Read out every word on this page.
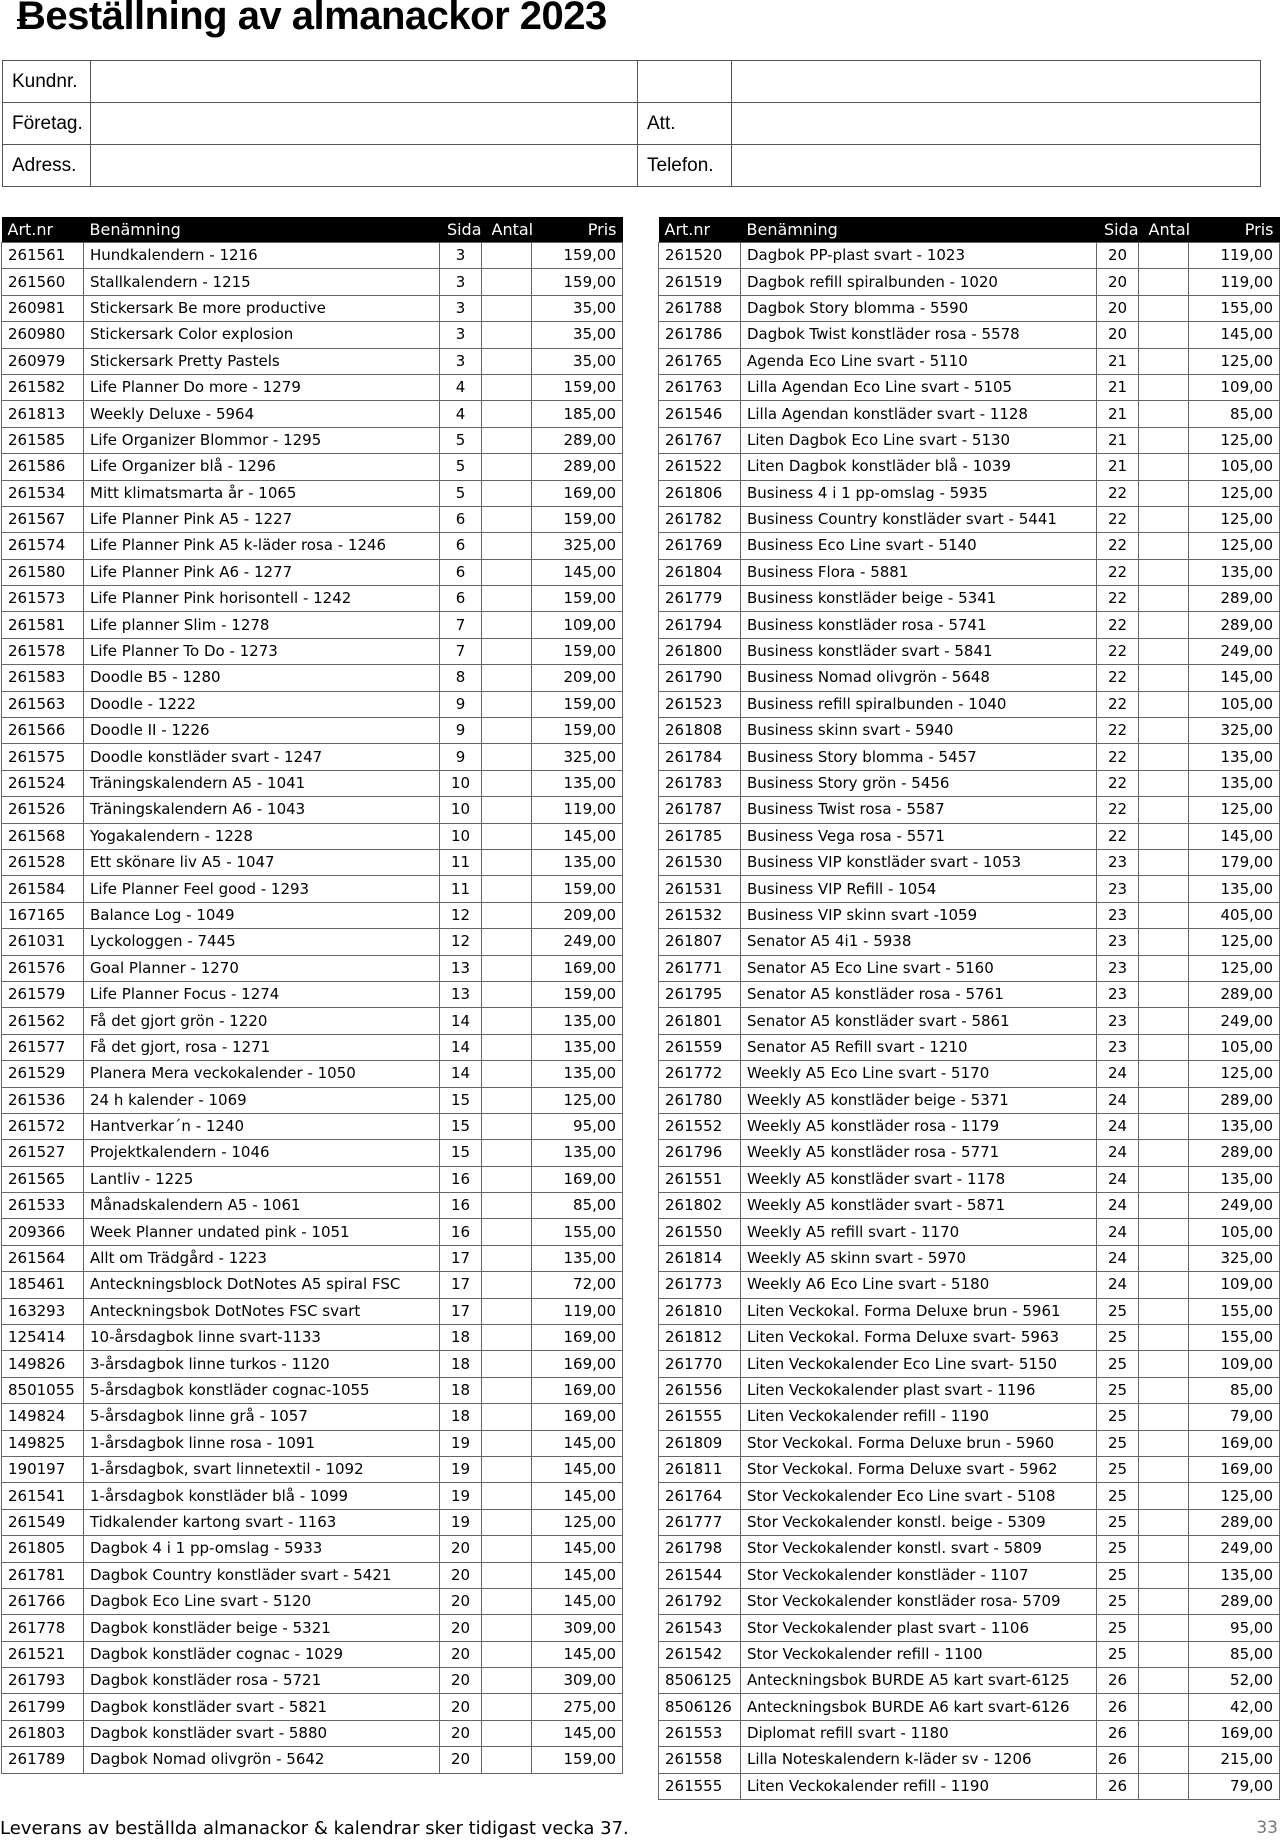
Beställning av almanackor 2023
Kundnr.			
Företag.		Att.	
Adress.		Telefon.	
Art.nr	Benämning	Sida	Antal	Pris
261561	Hundkalendern - 1216	3		159,00
261560	Stallkalendern - 1215	3		159,00
260981	Stickersark Be more productive	3		35,00
260980	Stickersark Color explosion	3		35,00
260979	Stickersark Pretty Pastels	3		35,00
261582	Life Planner Do more - 1279	4		159,00
261813	Weekly Deluxe - 5964	4		185,00
261585	Life Organizer Blommor - 1295	5		289,00
261586	Life Organizer blå - 1296	5		289,00
261534	Mitt klimatsmarta år - 1065	5		169,00
261567	Life Planner Pink A5 - 1227	6		159,00
261574	Life Planner Pink A5 k-läder rosa - 1246	6		325,00
261580	Life Planner Pink A6 - 1277	6		145,00
261573	Life Planner Pink horisontell - 1242	6		159,00
261581	Life planner Slim - 1278	7		109,00
261578	Life Planner To Do - 1273	7		159,00
261583	Doodle B5 - 1280	8		209,00
261563	Doodle - 1222	9		159,00
261566	Doodle II - 1226	9		159,00
261575	Doodle konstläder svart - 1247	9		325,00
261524	Träningskalendern A5 - 1041	10		135,00
261526	Träningskalendern A6 - 1043	10		119,00
261568	Yogakalendern - 1228	10		145,00
261528	Ett skönare liv A5 - 1047	11		135,00
261584	Life Planner Feel good - 1293	11		159,00
167165	Balance Log - 1049	12		209,00
261031	Lyckologgen - 7445	12		249,00
261576	Goal Planner - 1270	13		169,00
261579	Life Planner Focus - 1274	13		159,00
261562	Få det gjort grön - 1220	14		135,00
261577	Få det gjort, rosa - 1271	14		135,00
261529	Planera Mera veckokalender - 1050	14		135,00
261536	24 h kalender - 1069	15		125,00
261572	Hantverkar´n - 1240	15		95,00
261527	Projektkalendern - 1046	15		135,00
261565	Lantliv - 1225	16		169,00
261533	Månadskalendern A5 - 1061	16		85,00
209366	Week Planner undated pink - 1051	16		155,00
261564	Allt om Trädgård - 1223	17		135,00
185461	Anteckningsblock DotNotes A5 spiral FSC	17		72,00
163293	Anteckningsbok DotNotes FSC svart	17		119,00
125414	10-årsdagbok linne svart-1133	18		169,00
149826	3-årsdagbok linne turkos - 1120	18		169,00
8501055	5-årsdagbok konstläder cognac-1055	18		169,00
149824	5-årsdagbok linne grå - 1057	18		169,00
149825	1-årsdagbok linne rosa - 1091	19		145,00
190197	1-årsdagbok, svart linnetextil - 1092	19		145,00
261541	1-årsdagbok konstläder blå - 1099	19		145,00
261549	Tidkalender kartong svart - 1163	19		125,00
261805	Dagbok 4 i 1 pp-omslag - 5933	20		145,00
261781	Dagbok Country konstläder svart - 5421	20		145,00
261766	Dagbok Eco Line svart - 5120	20		145,00
261778	Dagbok konstläder beige - 5321	20		309,00
261521	Dagbok konstläder cognac - 1029	20		145,00
261793	Dagbok konstläder rosa - 5721	20		309,00
261799	Dagbok konstläder svart - 5821	20		275,00
261803	Dagbok konstläder svart - 5880	20		145,00
261789	Dagbok Nomad olivgrön - 5642	20		159,00
Art.nr	Benämning	Sida	Antal	Pris
261520	Dagbok PP-plast svart - 1023	20		119,00
261519	Dagbok refill spiralbunden - 1020	20		119,00
261788	Dagbok Story blomma - 5590	20		155,00
261786	Dagbok Twist konstläder rosa - 5578	20		145,00
261765	Agenda Eco Line svart - 5110	21		125,00
261763	Lilla Agendan Eco Line svart - 5105	21		109,00
261546	Lilla Agendan konstläder svart - 1128	21		85,00
261767	Liten Dagbok Eco Line svart - 5130	21		125,00
261522	Liten Dagbok konstläder blå - 1039	21		105,00
261806	Business 4 i 1 pp-omslag - 5935	22		125,00
261782	Business Country konstläder svart - 5441	22		125,00
261769	Business Eco Line svart - 5140	22		125,00
261804	Business Flora - 5881	22		135,00
261779	Business konstläder beige - 5341	22		289,00
261794	Business konstläder rosa - 5741	22		289,00
261800	Business konstläder svart - 5841	22		249,00
261790	Business Nomad olivgrön - 5648	22		145,00
261523	Business refill spiralbunden - 1040	22		105,00
261808	Business skinn svart - 5940	22		325,00
261784	Business Story blomma - 5457	22		135,00
261783	Business Story grön - 5456	22		135,00
261787	Business Twist rosa - 5587	22		125,00
261785	Business Vega rosa - 5571	22		145,00
261530	Business VIP konstläder svart - 1053	23		179,00
261531	Business VIP Refill - 1054	23		135,00
261532	Business VIP skinn svart -1059	23		405,00
261807	Senator A5 4i1 - 5938	23		125,00
261771	Senator A5 Eco Line svart - 5160	23		125,00
261795	Senator A5 konstläder rosa - 5761	23		289,00
261801	Senator A5 konstläder svart - 5861	23		249,00
261559	Senator A5 Refill svart - 1210	23		105,00
261772	Weekly A5 Eco Line svart - 5170	24		125,00
261780	Weekly A5 konstläder beige - 5371	24		289,00
261552	Weekly A5 konstläder rosa - 1179	24		135,00
261796	Weekly A5 konstläder rosa - 5771	24		289,00
261551	Weekly A5 konstläder svart - 1178	24		135,00
261802	Weekly A5 konstläder svart - 5871	24		249,00
261550	Weekly A5 refill svart - 1170	24		105,00
261814	Weekly A5 skinn svart - 5970	24		325,00
261773	Weekly A6 Eco Line svart - 5180	24		109,00
261810	Liten Veckokal. Forma Deluxe brun - 5961	25		155,00
261812	Liten Veckokal. Forma Deluxe svart- 5963	25		155,00
261770	Liten Veckokalender Eco Line svart- 5150	25		109,00
261556	Liten Veckokalender plast svart - 1196	25		85,00
261555	Liten Veckokalender refill - 1190	25		79,00
261809	Stor Veckokal. Forma Deluxe brun - 5960	25		169,00
261811	Stor Veckokal. Forma Deluxe svart - 5962	25		169,00
261764	Stor Veckokalender Eco Line svart - 5108	25		125,00
261777	Stor Veckokalender konstl. beige - 5309	25		289,00
261798	Stor Veckokalender konstl. svart - 5809	25		249,00
261544	Stor Veckokalender konstläder - 1107	25		135,00
261792	Stor Veckokalender konstläder rosa- 5709	25		289,00
261543	Stor Veckokalender plast svart - 1106	25		95,00
261542	Stor Veckokalender refill - 1100	25		85,00
8506125	Anteckningsbok BURDE A5 kart svart-6125	26		52,00
8506126	Anteckningsbok BURDE A6 kart svart-6126	26		42,00
261553	Diplomat refill svart - 1180	26		169,00
261558	Lilla Noteskalendern k-läder sv - 1206	26		215,00
261555	Liten Veckokalender refill - 1190	26		79,00
Leverans av beställda almanackor & kalendrar sker tidigast vecka 37.	33
